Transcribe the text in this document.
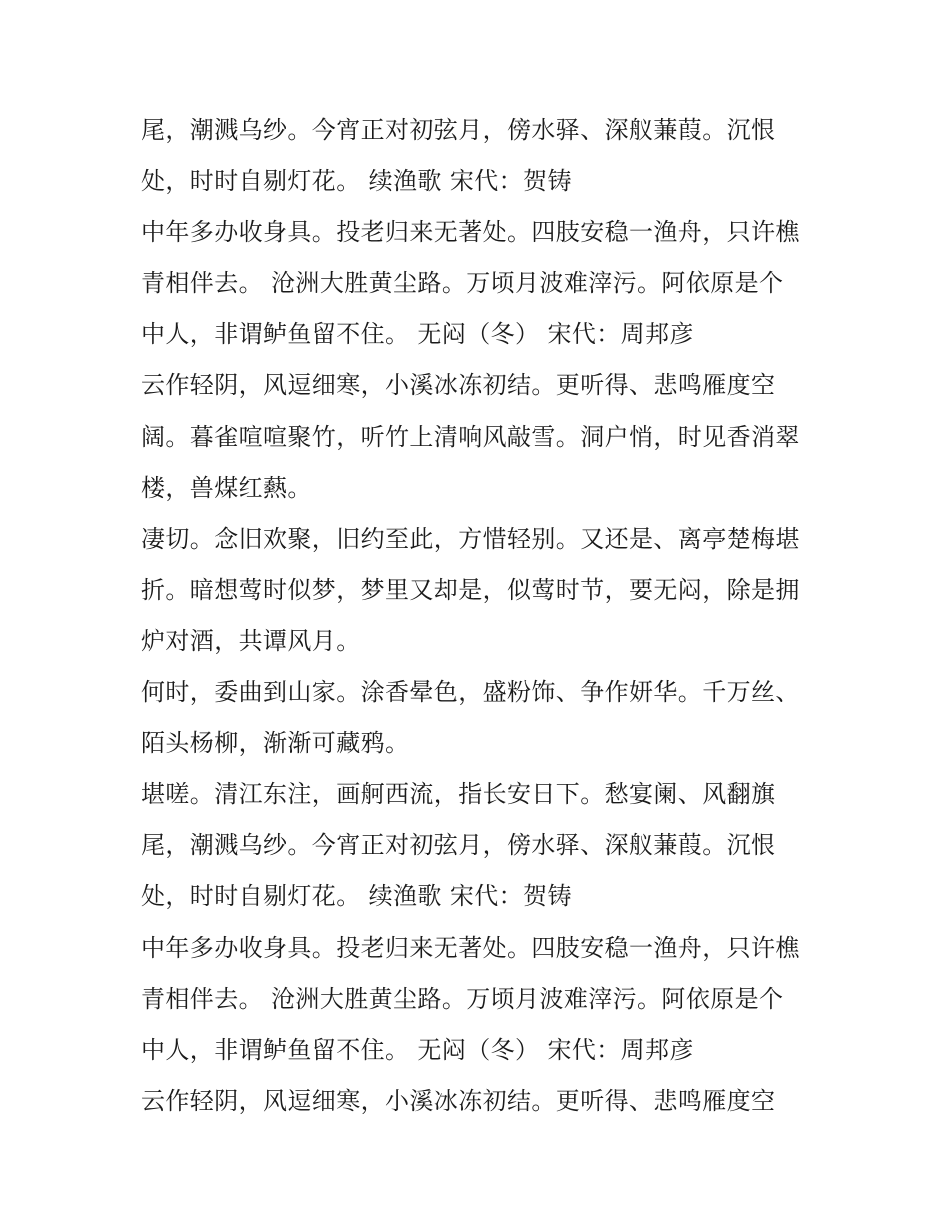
尾，潮溅乌纱。今宵正对初弦月，傍水驿、深舣蒹葭。沉恨
处，时时自剔灯花。 续渔歌 宋代：贺铸
中年多办收身具。投老归来无著处。四肢安稳一渔舟，只许樵
青相伴去。 沧洲大胜黄尘路。万顷月波难滓污。阿依原是个
中人，非谓鲈鱼留不住。 无闷（冬） 宋代：周邦彦
云作轻阴，风逗细寒，小溪冰冻初结。更听得、悲鸣雁度空
阔。暮雀喧喧聚竹，听竹上清响风敲雪。洞户悄，时见香消翠
楼，兽煤红爇。
凄切。念旧欢聚，旧约至此，方惜轻别。又还是、离亭楚梅堪
折。暗想莺时似梦，梦里又却是，似莺时节，要无闷，除是拥
炉对酒，共谭风月。
何时，委曲到山家。涂香晕色，盛粉饰、争作妍华。千万丝、
陌头杨柳，渐渐可藏鸦。
堪嗟。清江东注，画舸西流，指长安日下。愁宴阑、风翻旗
尾，潮溅乌纱。今宵正对初弦月，傍水驿、深舣蒹葭。沉恨
处，时时自剔灯花。 续渔歌 宋代：贺铸
中年多办收身具。投老归来无著处。四肢安稳一渔舟，只许樵
青相伴去。 沧洲大胜黄尘路。万顷月波难滓污。阿依原是个
中人，非谓鲈鱼留不住。 无闷（冬） 宋代：周邦彦
云作轻阴，风逗细寒，小溪冰冻初结。更听得、悲鸣雁度空
